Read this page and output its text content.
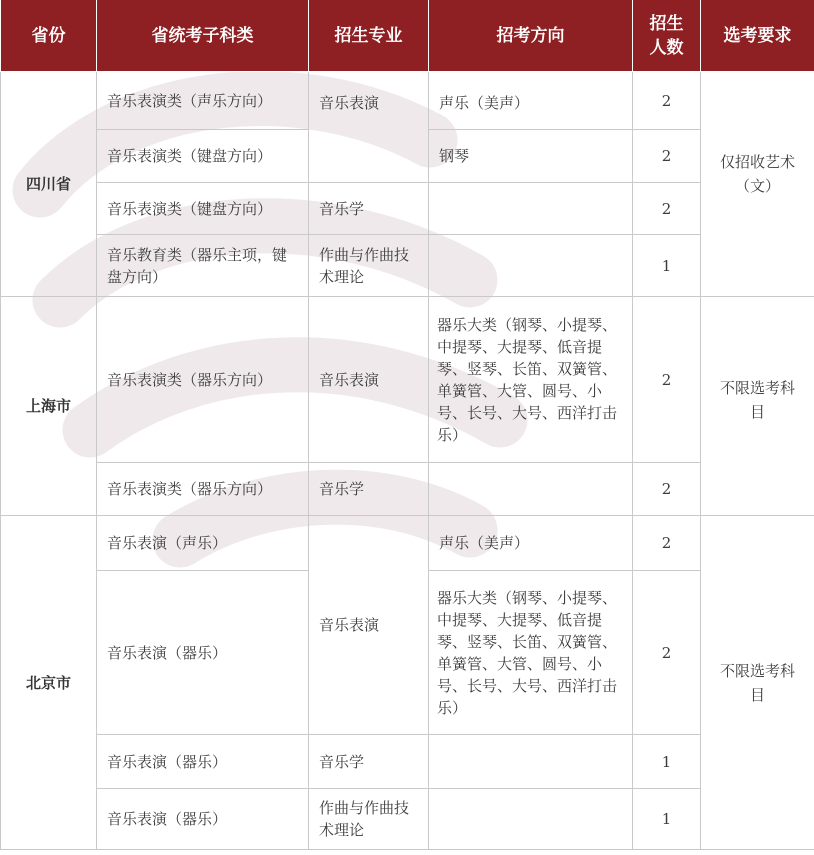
省份	省统考子科类	招生专业	招考方向	招生人数	选考要求
四川省	音乐表演类（声乐方向）	音乐表演	声乐（美声）	2	仅招收艺术（文）
	音乐表演类（键盘方向）		钢琴	2	
	音乐表演类（键盘方向）	音乐学		2	
	音乐教育类（器乐主项，键盘方向）	作曲与作曲技术理论		1	
上海市	音乐表演类（器乐方向）	音乐表演	器乐大类（钢琴、小提琴、中提琴、大提琴、低音提琴、竖琴、长笛、双簧管、单簧管、大管、圆号、小号、长号、大号、西洋打击乐）	2	不限选考科目
	音乐表演类（器乐方向）	音乐学		2	
北京市	音乐表演（声乐）	音乐表演	声乐（美声）	2	不限选考科目
	音乐表演（器乐）		器乐大类（钢琴、小提琴、中提琴、大提琴、低音提琴、竖琴、长笛、双簧管、单簧管、大管、圆号、小号、长号、大号、西洋打击乐）	2	
	音乐表演（器乐）	音乐学		1	
	音乐表演（器乐）	作曲与作曲技术理论		1	
